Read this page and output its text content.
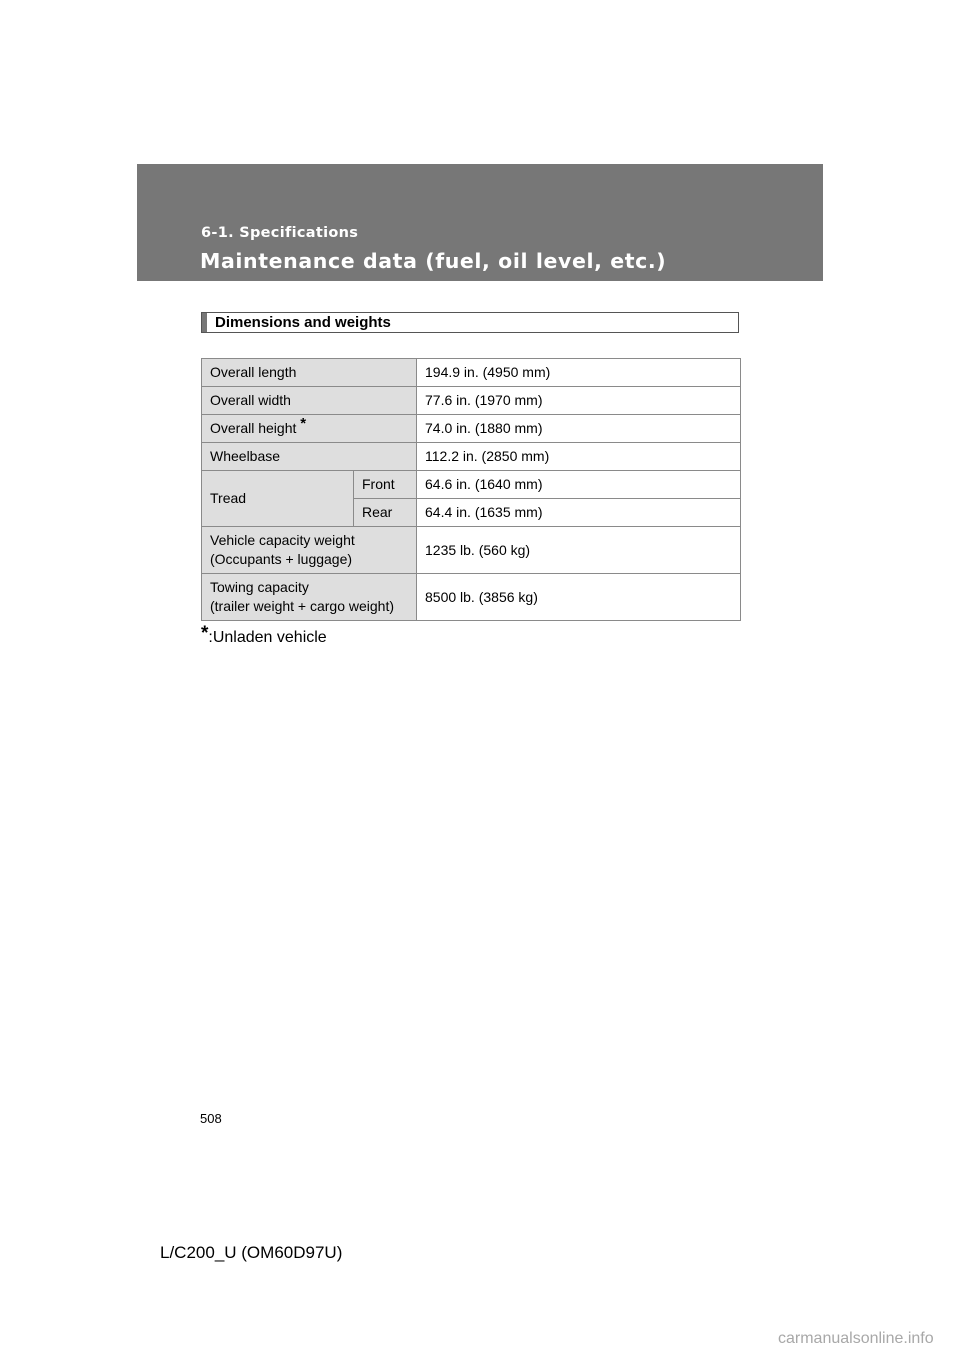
6-1. Specifications
Maintenance data (fuel, oil level, etc.)
Dimensions and weights
Overall length		194.9 in. (4950 mm)
Overall width		77.6 in. (1970 mm)
Overall height *		74.0 in. (1880 mm)
Wheelbase		112.2 in. (2850 mm)
Tread	Front	64.6 in. (1640 mm)
	Rear	64.4 in. (1635 mm)

Vehicle capacity weight
(Occupants + luggage)		1235 lb. (560 kg)

Towing capacity
(trailer weight + cargo weight)		8500 lb. (3856 kg)
*:Unladen vehicle
508
L/C200_U (OM60D97U)
carmanualsonline.info
